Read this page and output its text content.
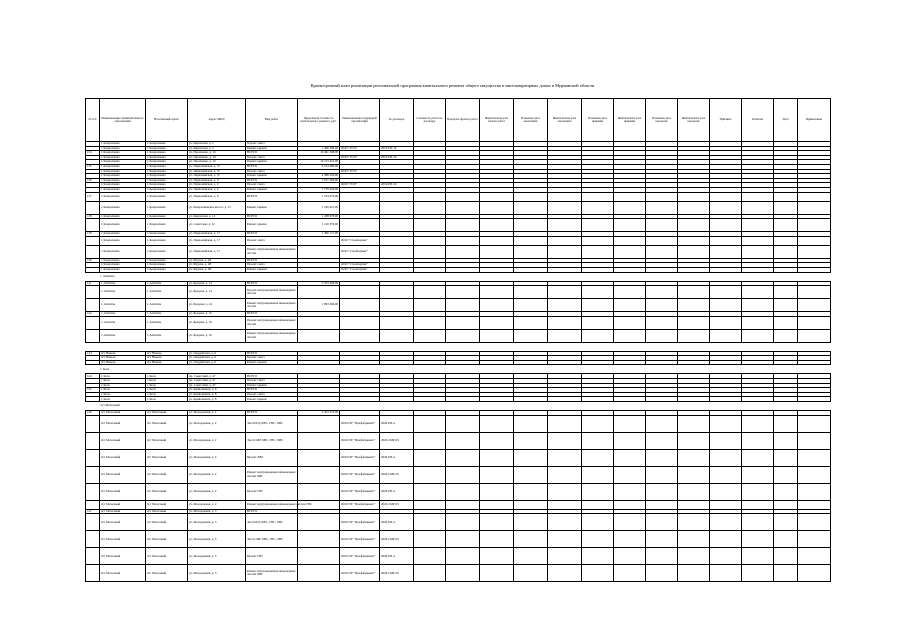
Краткосрочный план реализации региональной программы капитального ремонта общего имущества в многоквартирных домах в Мурманской области
№ п/п	Наименование муниципального образования	Населенный пункт	Адрес МКД	Вид работ	Предельная стоимость капитального ремонта, руб.	Наименование подрядной организации	№ договора	Стоимость работ по договору	Передача фронта работ	Фактическая дата начала работ	Плановая дата окончания	Фактическая дата окончания	Плановая дата приемки	Фактическая дата приемки	Плановая дата передачи	Фактическая дата передачи	Причина	Отметка	Дата	Примечание
	г. Кандалакша	г. Кандалакша	ул. Кировская, д. 2	Проект смета																
	г. Кандалакша	г. Кандалакша	ул. Кировская, д. 2	Ремонт крыши	1 466 306,00	ООО "ГСП"	2019-ПР-16													
134	г. Кандалакша	г. Кандалакша	ул. Пронченко, д. 16	ВСЕГО	10 461 598,00															
	г. Кандалакша	г. Кандалакша	ул. Пронченко, д. 16	Проект смета		ООО "ГСП"	2019-ПР-16													
	г. Кандалакша	г. Кандалакша	ул. Пронченко, д. 16	Ремонт крыши	10 213 416,00															
135	г. Кандалакша	г. Кандалакша	ул. Первомайская, д. 37	ВСЕГО	4 514 489,00															
	г. Кандалакша	г. Кандалакша	ул. Первомайская, д. 37	Проект смета		ООО "ГСП"														
	г. Кандалакша	г. Кандалакша	ул. Первомайская, д. 37	Ремонт крыши	4 388 256,00															
136	г. Кандалакша	г. Кандалакша	ул. Первомайская, д. 9	ВСЕГО	7 971 584,00															
	г. Кандалакша	г. Кандалакша	ул. Первомайская, д. 9	Проект смета		ООО "ГСП"	2019-ПР-16													
	г. Кандалакша	г. Кандалакша	ул. Первомайская, д. 9	Ремонт крыши	7 776 426,00															
137	г. Кандалакша	г. Кандалакша	ул. Первомайская, д. 9	ВСЕГО	1 534 479,00															
	г. Кандалакша	г. Кандалакша	ул. Кандалакшское шоссе, д. 15	Ремонт крыши	1 230 421,00															
138	г. Кандалакша	г. Кандалакша	ул. Кировская, д. 13	ВСЕГО	1 438 978,00															
	г. Кандалакша	г. Кандалакша	ул. Советская, д. 12	Ремонт крыши	1 120 379,00															
139	г. Кандалакша	г. Кандалакша	ул. Первомайская, д. 17	ВСЕГО	1 480 171,00															
	г. Кандалакша	г. Кандалакша	ул. Первомайская, д. 17	Проект смета		ООО "Стройсервис"														
	г. Кандалакша	г. Кандалакша	ул. Первомайская, д. 17	Ремонт внутридомовых инженерных систем		ООО "Стройсервис"														
140	г. Кандалакша	г. Кандалакша	ул. Фрунзе, д. 48	ВСЕГО																
	г. Кандалакша	г. Кандалакша	ул. Фрунзе, д. 48	Проект смета		ООО "Стройсервис"														
	г. Кандалакша	г. Кандалакша	ул. Фрунзе, д. 48	Ремонт крыши		ООО "Стройсервис"														
	г. Апатиты																			
141	г. Апатиты	г. Апатиты	ул. Бредова, д. 14	ВСЕГО	3 353 498,00															
	г. Апатиты	г. Апатиты	ул. Бредова, д. 14	Проект внутридомовых инженерных систем																
	г. Апатиты	г. Апатиты	ул. Бредова, д. 14	Ремонт внутридомовых инженерных систем	1 893 306,00															
142	г. Апатиты	г. Апатиты	ул. Бредова, д. 16	ВСЕГО																
	г. Апатиты	г. Апатиты	ул. Бредова, д. 16	Проект внутридомовых инженерных систем																
	г. Апатиты	г. Апатиты	ул. Бредова, д. 16	Ремонт внутридомовых инженерных систем																

143	пгт Никель	пгт Никель	ул. Гвардейская, д. 6	ВСЕГО																
	пгт Никель	пгт Никель	ул. Гвардейская, д. 6	Проект смета																
	пгт Никель	пгт Никель	ул. Гвардейская, д. 6	Ремонт крыши																
	г. Кола																			
144	г. Кола	г. Кола	пр. Советский, д. 47	ВСЕГО																
	г. Кола	г. Кола	пр. Советский, д. 47	Проект смета																
	г. Кола	г. Кола	пр. Советский, д. 47	Ремонт крыши																
145	г. Кола	г. Кола	ул. Кривошеина, д. 8	ВСЕГО																
	г. Кола	г. Кола	ул. Кривошеина, д. 8	Проект смета																
	г. Кола	г. Кола	ул. Кривошеина, д. 8	Ремонт крыши																
	пгт Молочный																			
146	пгт Молочный	пгт Молочный	ул. Молодежная, д. 2	ВСЕГО	3 303 379,00															
	пгт Молочный	пгт Молочный	ул. Молодежная, д. 2	Эксп ПСД ХВС, ГВС, ХВС		ООО ПУ "Префабрикант"	2020-ПР-4													
	пгт Молочный	пгт Молочный	ул. Молодежная, д. 2	Эксп СМР ХВС, ГВС, ХВС		ООО ПУ "Префабрикант"	2020-СМР-05													
	пгт Молочный	пгт Молочный	ул. Молодежная, д. 2	Проект ХВС		ООО ПУ "Префабрикант"	2020-ПР-4													
	пгт Молочный	пгт Молочный	ул. Молодежная, д. 2	Ремонт внутридомовых инженерных систем ХВС		ООО ПУ "Префабрикант"	2020-СМР-05													
	пгт Молочный	пгт Молочный	ул. Молодежная, д. 2	Проект ГВС		ООО ПУ "Префабрикант"	2020-ПР-4													
	пгт Молочный	пгт Молочный	ул. Молодежная, д. 2	Ремонт внутридомовых инженерных систем ГВС		ООО ПУ "Префабрикант"	2020-СМР-05													
147	пгт Молочный	пгт Молочный	ул. Молодежная, д. 5	ВСЕГО																
	пгт Молочный	пгт Молочный	ул. Молодежная, д. 5	Эксп ПСД ХВС, ГВС, ХВС		ООО ПУ "Префабрикант"	2020-ПР-4													
	пгт Молочный	пгт Молочный	ул. Молодежная, д. 5	Эксп СМР ХВС, ГВС, ХВС		ООО ПУ "Префабрикант"	2020-СМР-05													
	пгт Молочный	пгт Молочный	ул. Молодежная, д. 5	Проект ГВС		ООО ПУ "Префабрикант"	2020-ПР-4													
	пгт Молочный	пгт Молочный	ул. Молодежная, д. 5	Ремонт внутридомовых инженерных систем ХВС		ООО ПУ "Префабрикант"	2020-СМР-05													
